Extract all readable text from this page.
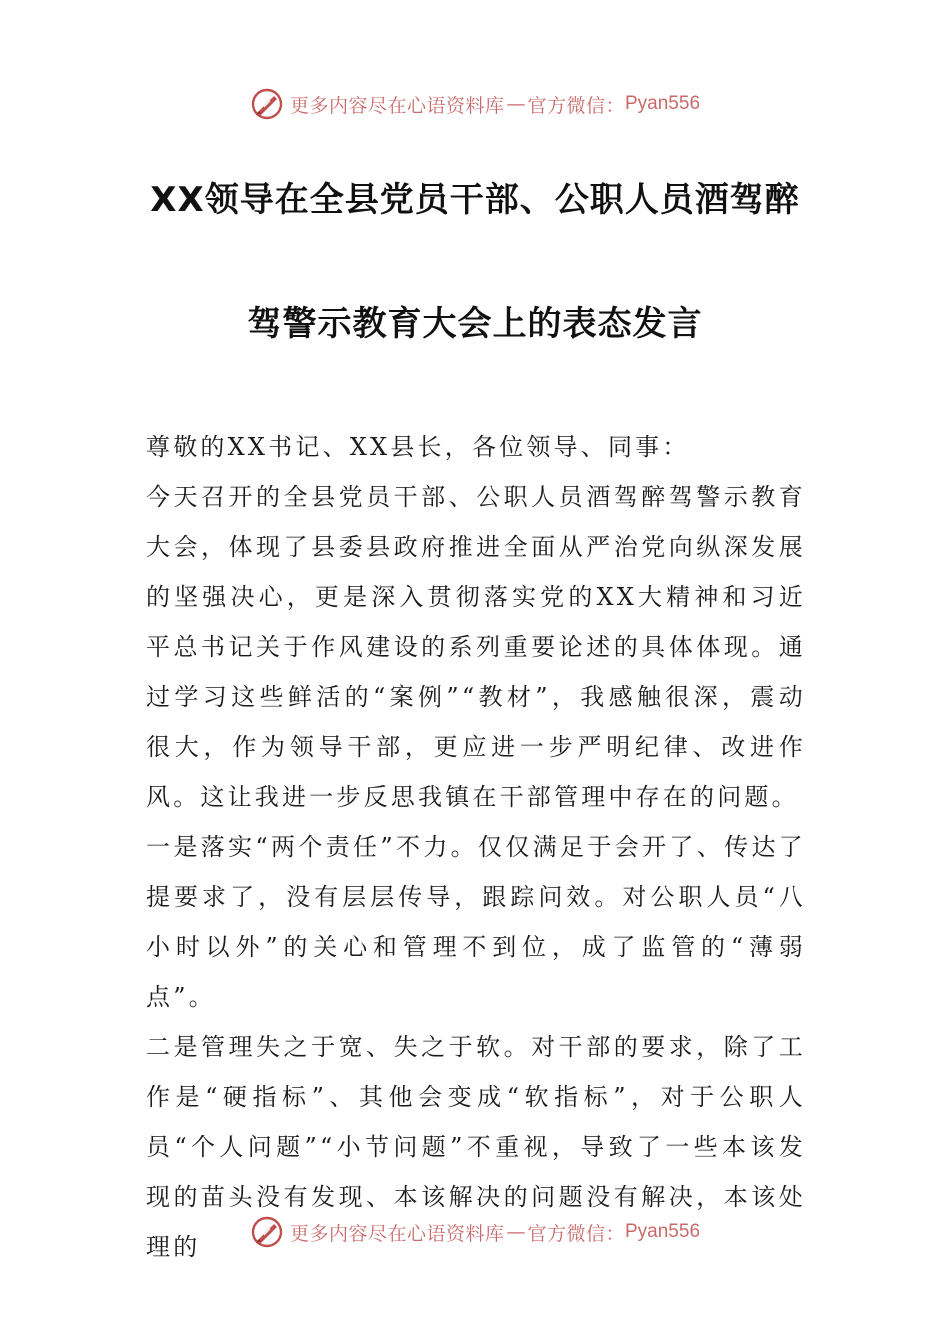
更多内容尽在心语资料库 — 官方微信： Pyan556
XX领导在全县党员干部、公职人员酒驾醉
驾警示教育大会上的表态发言

尊敬的XX书记、XX县长，各位领导、同事：

今天召开的全县党员干部、公职人员酒驾醉驾警示教育大会，体现了县委县政府推进全面从严治党向纵深发展的坚强决心，更是深入贯彻落实党的XX大精神和习近平总书记关于作风建设的系列重要论述的具体体现。通过学习这些鲜活的“案例”“教材”，我感触很深，震动很大，作为领导干部，更应进一步严明纪律、改进作风。这让我进一步反思我镇在干部管理中存在的问题。

一是落实“两个责任”不力。仅仅满足于会开了、传达了提要求了，没有层层传导，跟踪问效。对公职人员“八小时以外”的关心和管理不到位，成了监管的“薄弱点”。

二是管理失之于宽、失之于软。对干部的要求，除了工作是“硬指标”、其他会变成“软指标”，对于公职人员“个人问题”“小节问题”不重视，导致了一些本该发现的苗头没有发现、本该解决的问题没有解决，本该处理的	更多内容尽在心语资料库 — 官方微信： Pyan556
